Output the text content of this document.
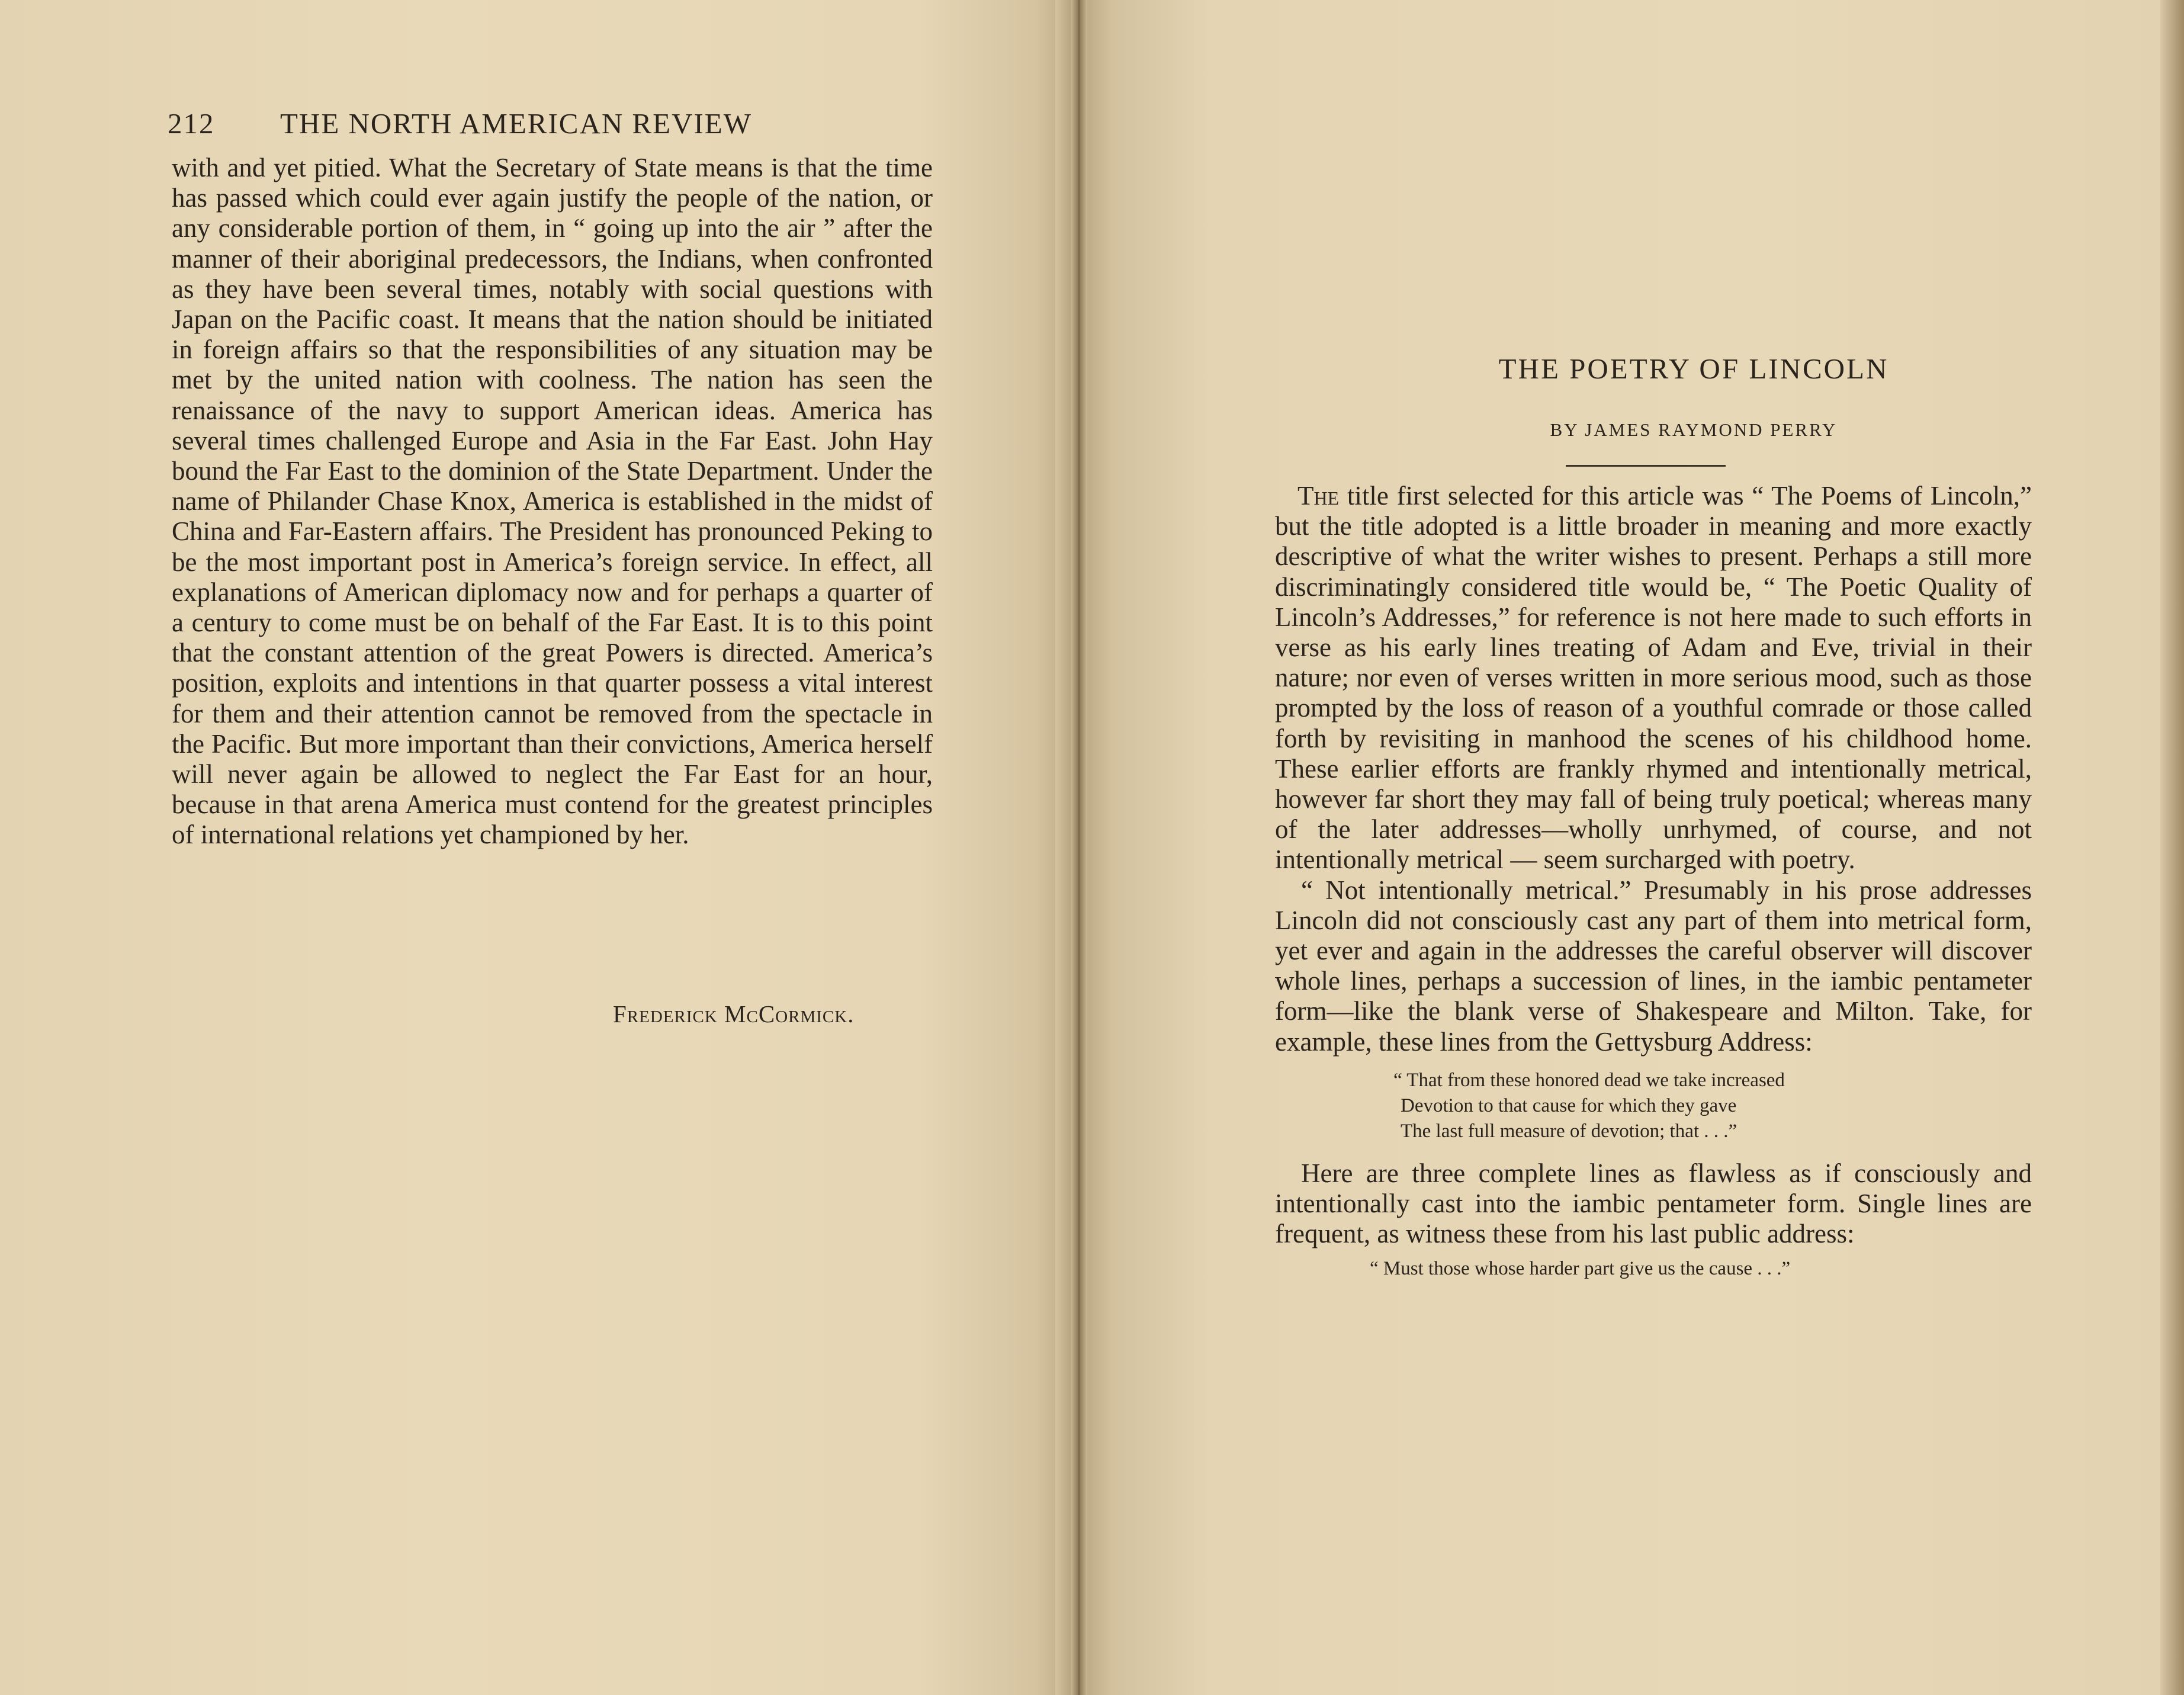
212 THE NORTH AMERICAN REVIEW
with and yet pitied. What the Secretary of State means is that the time has passed which could ever again justify the people of the nation, or any considerable portion of them, in “ going up into the air ” after the manner of their aboriginal predecessors, the Indians, when confronted as they have been several times, notably with social questions with Japan on the Pacific coast. It means that the nation should be initiated in foreign affairs so that the responsibilities of any situation may be met by the united nation with coolness. The nation has seen the renaissance of the navy to support American ideas. America has several times challenged Europe and Asia in the Far East. John Hay bound the Far East to the dominion of the State Department. Under the name of Philander Chase Knox, America is established in the midst of China and Far-Eastern affairs. The President has pronounced Peking to be the most important post in America’s foreign service. In effect, all explanations of American diplomacy now and for perhaps a quarter of a century to come must be on behalf of the Far East. It is to this point that the constant attention of the great Powers is directed. America’s position, exploits and intentions in that quarter possess a vital interest for them and their attention cannot be removed from the spectacle in the Pacific. But more important than their convictions, America herself will never again be allowed to neglect the Far East for an hour, because in that arena America must contend for the greatest principles of international relations yet championed by her.
Frederick McCormick.
THE POETRY OF LINCOLN
BY JAMES RAYMOND PERRY

The title first selected for this article was “ The Poems of Lincoln,” but the title adopted is a little broader in meaning and more exactly descriptive of what the writer wishes to present. Perhaps a still more discriminatingly considered title would be, “ The Poetic Quality of Lincoln’s Addresses,” for reference is not here made to such efforts in verse as his early lines treating of Adam and Eve, trivial in their nature; nor even of verses written in more serious mood, such as those prompted by the loss of reason of a youthful comrade or those called forth by revisiting in manhood the scenes of his childhood home. These earlier efforts are frankly rhymed and intentionally metrical, however far short they may fall of being truly poetical; whereas many of the later addresses—wholly unrhymed, of course, and not intentionally metrical — seem surcharged with poetry.

“ Not intentionally metrical.” Presumably in his prose addresses Lincoln did not consciously cast any part of them into metrical form, yet ever and again in the addresses the careful observer will discover whole lines, perhaps a succession of lines, in the iambic pentameter form—like the blank verse of Shakespeare and Milton. Take, for example, these lines from the Gettysburg Address:

“ That from these honored dead we take increased
Devotion to that cause for which they gave
The last full measure of devotion; that . . .”

Here are three complete lines as flawless as if consciously and intentionally cast into the iambic pentameter form. Single lines are frequent, as witness these from his last public address:

“ Must those whose harder part give us the cause . . .”
